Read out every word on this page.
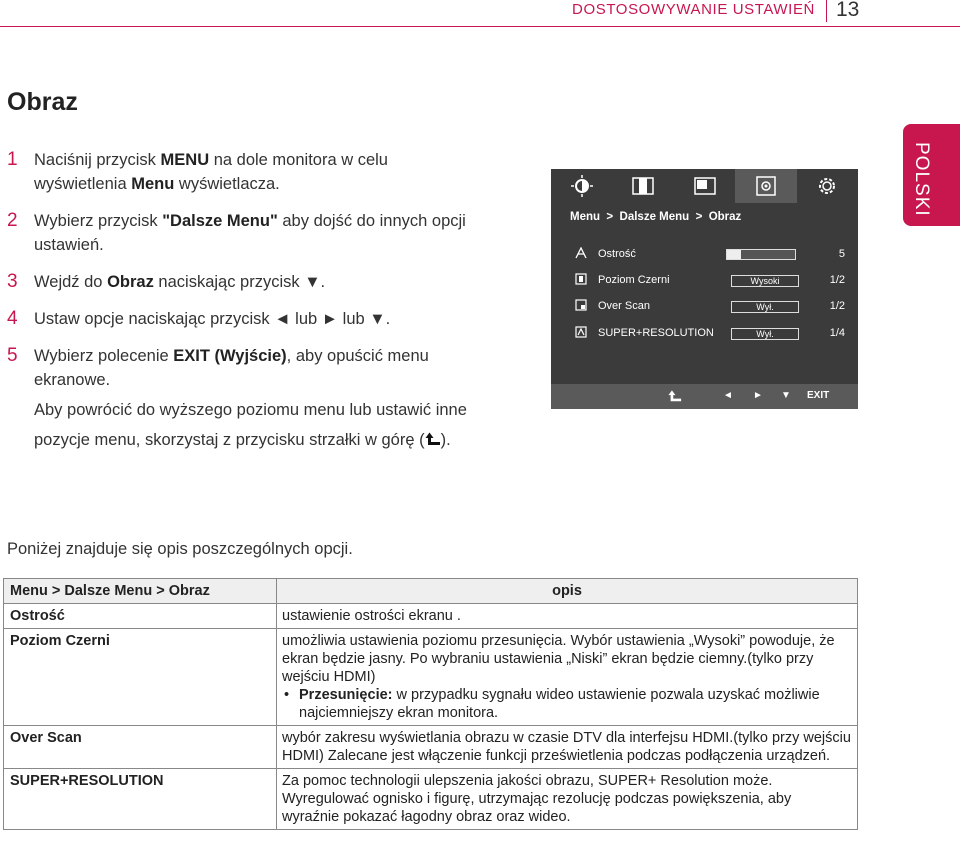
DOSTOSOWYWANIE USTAWIEŃ 13
POLSKI
Obraz
1 Naciśnij przycisk MENU na dole monitora w celu wyświetlenia Menu wyświetlacza.
2 Wybierz przycisk "Dalsze Menu" aby dojść do innych opcji ustawień.
3 Wejdź do Obraz naciskając przycisk ▼.
4 Ustaw opcje naciskając przycisk ◄ lub ► lub ▼.
5 Wybierz polecenie EXIT (Wyjście), aby opuścić menu ekranowe.
Aby powrócić do wyższego poziomu menu lub ustawić inne pozycje menu, skorzystaj z przycisku strzałki w górę ( ).
Menu > Dalsze Menu > Obraz
Ostrość	5
Poziom Czerni	Wysoki	1/2
Over Scan	Wył.	1/2
SUPER+RESOLUTION	Wył.	1/4
◄ ► ▼ EXIT

Poniżej znajduje się opis poszczególnych opcji.

Menu > Dalsze Menu > Obraz	opis
Ostrość	ustawienie ostrości ekranu .
Poziom Czerni	umożliwia ustawienia poziomu przesunięcia. Wybór ustawienia „Wysoki” powoduje, że ekran będzie jasny. Po wybraniu ustawienia „Niski” ekran będzie ciemny.(tylko przy wejściu HDMI)
• Przesunięcie: w przypadku sygnału wideo ustawienie pozwala uzyskać możliwie najciemniejszy ekran monitora.

Over Scan	wybór zakresu wyświetlania obrazu w czasie DTV dla interfejsu HDMI.(tylko przy wejściu HDMI) Zalecane jest włączenie funkcji prześwietlenia podczas podłączenia urządzeń.
SUPER+RESOLUTION	Za pomoc technologii ulepszenia jakości obrazu, SUPER+ Resolution może. Wyregulować ognisko i figurę, utrzymając rezolucję podczas powiększenia, aby wyraźnie pokazać łagodny obraz oraz wideo.
